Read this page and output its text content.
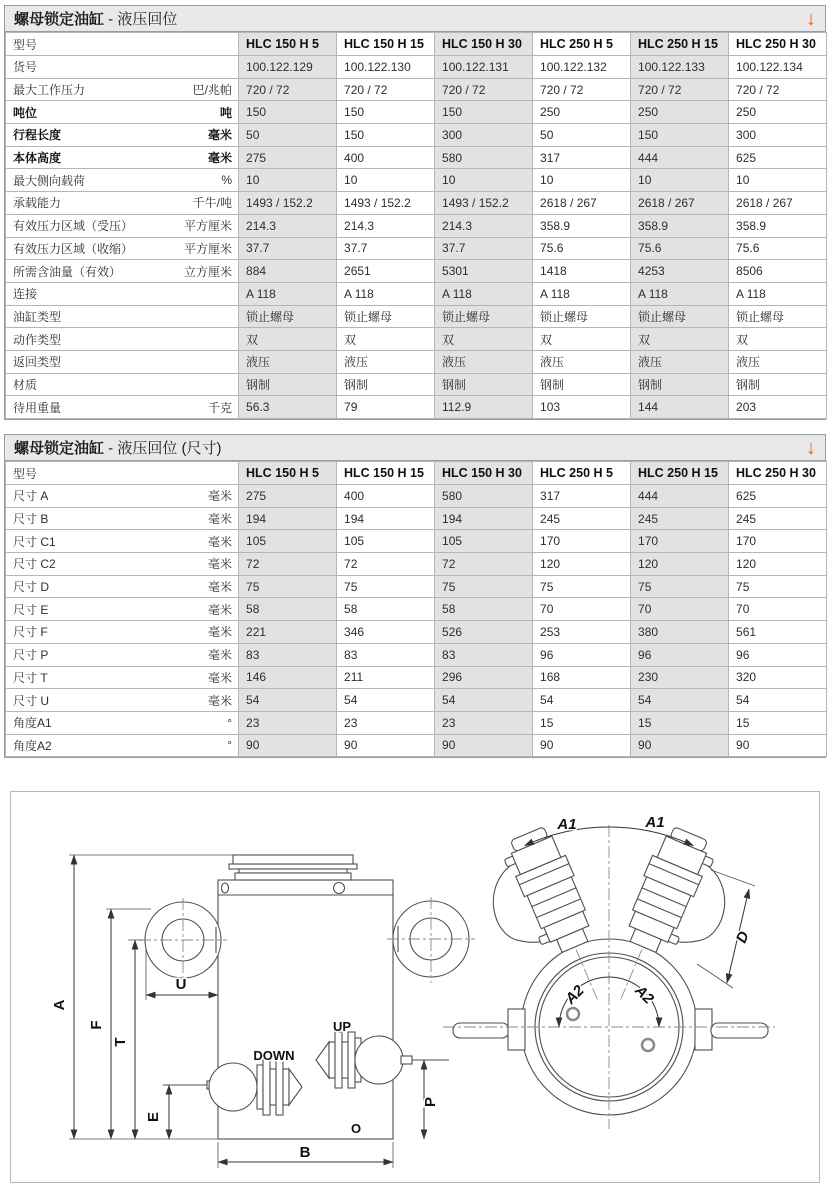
螺母锁定油缸 - 液压回位	↓
型号		HLC 150 H 5	HLC 150 H 15	HLC 150 H 30	HLC 250 H 5	HLC 250 H 15	HLC 250 H 30
货号		100.122.129	100.122.130	100.122.131	100.122.132	100.122.133	100.122.134
最大工作压力	巴/兆帕	720 / 72	720 / 72	720 / 72	720 / 72	720 / 72	720 / 72
吨位	吨	150	150	150	250	250	250
行程长度	毫米	50	150	300	50	150	300
本体高度	毫米	275	400	580	317	444	625
最大侧向载荷	%	10	10	10	10	10	10
承载能力	千牛/吨	1493 / 152.2	1493 / 152.2	1493 / 152.2	2618 / 267	2618 / 267	2618 / 267
有效压力区域（受压）	平方厘米	214.3	214.3	214.3	358.9	358.9	358.9
有效压力区域（收缩）	平方厘米	37.7	37.7	37.7	75.6	75.6	75.6
所需含油量（有效）	立方厘米	884	2651	5301	1418	4253	8506
连接		A 118	A 118	A 118	A 118	A 118	A 118
油缸类型		锁止螺母	锁止螺母	锁止螺母	锁止螺母	锁止螺母	锁止螺母
动作类型		双	双	双	双	双	双
返回类型		液压	液压	液压	液压	液压	液压
材质		钢制	钢制	钢制	钢制	钢制	钢制
待用重量	千克	56.3	79	112.9	103	144	203
螺母锁定油缸 - 液压回位 (尺寸)	↓
型号		HLC 150 H 5	HLC 150 H 15	HLC 150 H 30	HLC 250 H 5	HLC 250 H 15	HLC 250 H 30
尺寸 A	毫米	275	400	580	317	444	625
尺寸 B	毫米	194	194	194	245	245	245
尺寸 C1	毫米	105	105	105	170	170	170
尺寸 C2	毫米	72	72	72	120	120	120
尺寸 D	毫米	75	75	75	75	75	75
尺寸 E	毫米	58	58	58	70	70	70
尺寸 F	毫米	221	346	526	253	380	561
尺寸 P	毫米	83	83	83	96	96	96
尺寸 T	毫米	146	211	296	168	230	320
尺寸 U	毫米	54	54	54	54	54	54
角度A1	°	23	23	23	15	15	15
角度A2	°	90	90	90	90	90	90
A
F
T
U
E
P
B
O
DOWN
UP
A1	A1
D
A2	A2
